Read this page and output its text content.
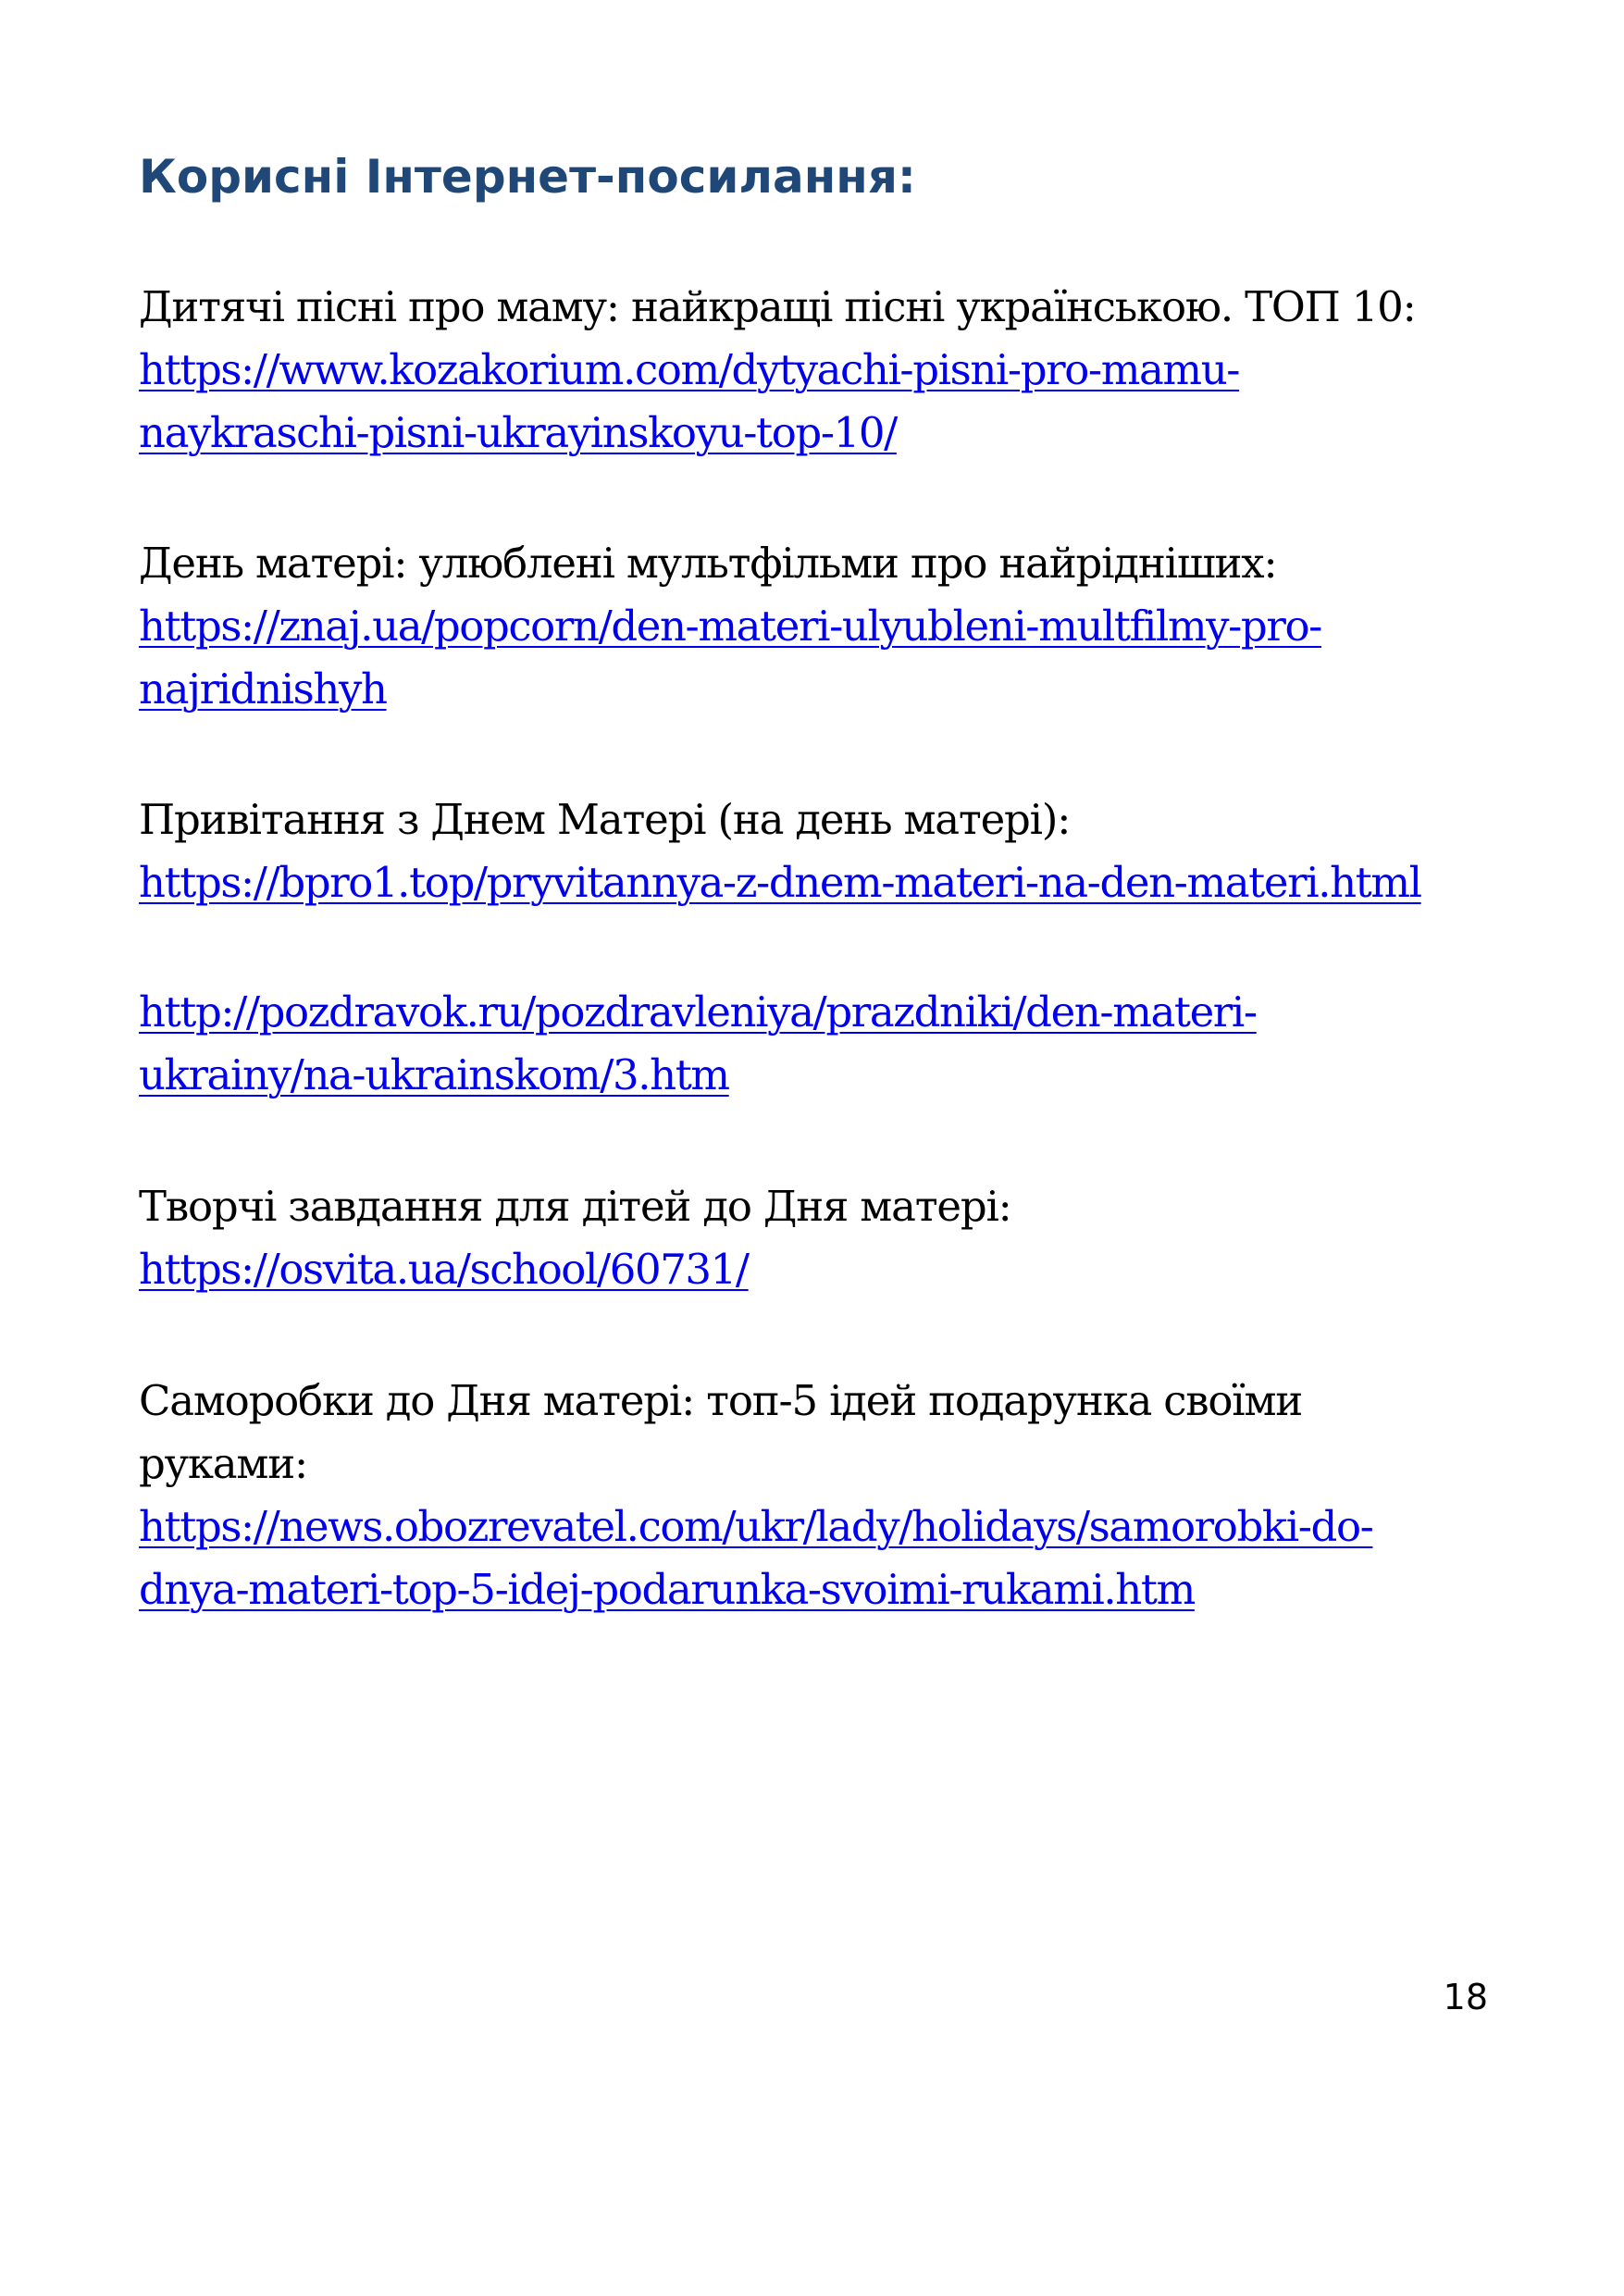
Корисні Інтернет-посилання:
Дитячі пісні про маму: найкращі пісні українською. ТОП 10:
https://www.kozakorium.com/dytyachi-pisni-pro-mamu-
naykraschi-pisni-ukrayinskoyu-top-10/
День матері: улюблені мультфільми про найрідніших:
https://znaj.ua/popcorn/den-materi-ulyubleni-multfilmy-pro-
najridnishyh
Привітання з Днем Матері (на день матері):
https://bpro1.top/pryvitannya-z-dnem-materi-na-den-materi.html
http://pozdravok.ru/pozdravleniya/prazdniki/den-materi-
ukrainy/na-ukrainskom/3.htm
Творчі завдання для дітей до Дня матері:
https://osvita.ua/school/60731/
Саморобки до Дня матері: топ-5 ідей подарунка своїми
руками:
https://news.obozrevatel.com/ukr/lady/holidays/samorobki-do-
dnya-materi-top-5-idej-podarunka-svoimi-rukami.htm
18
